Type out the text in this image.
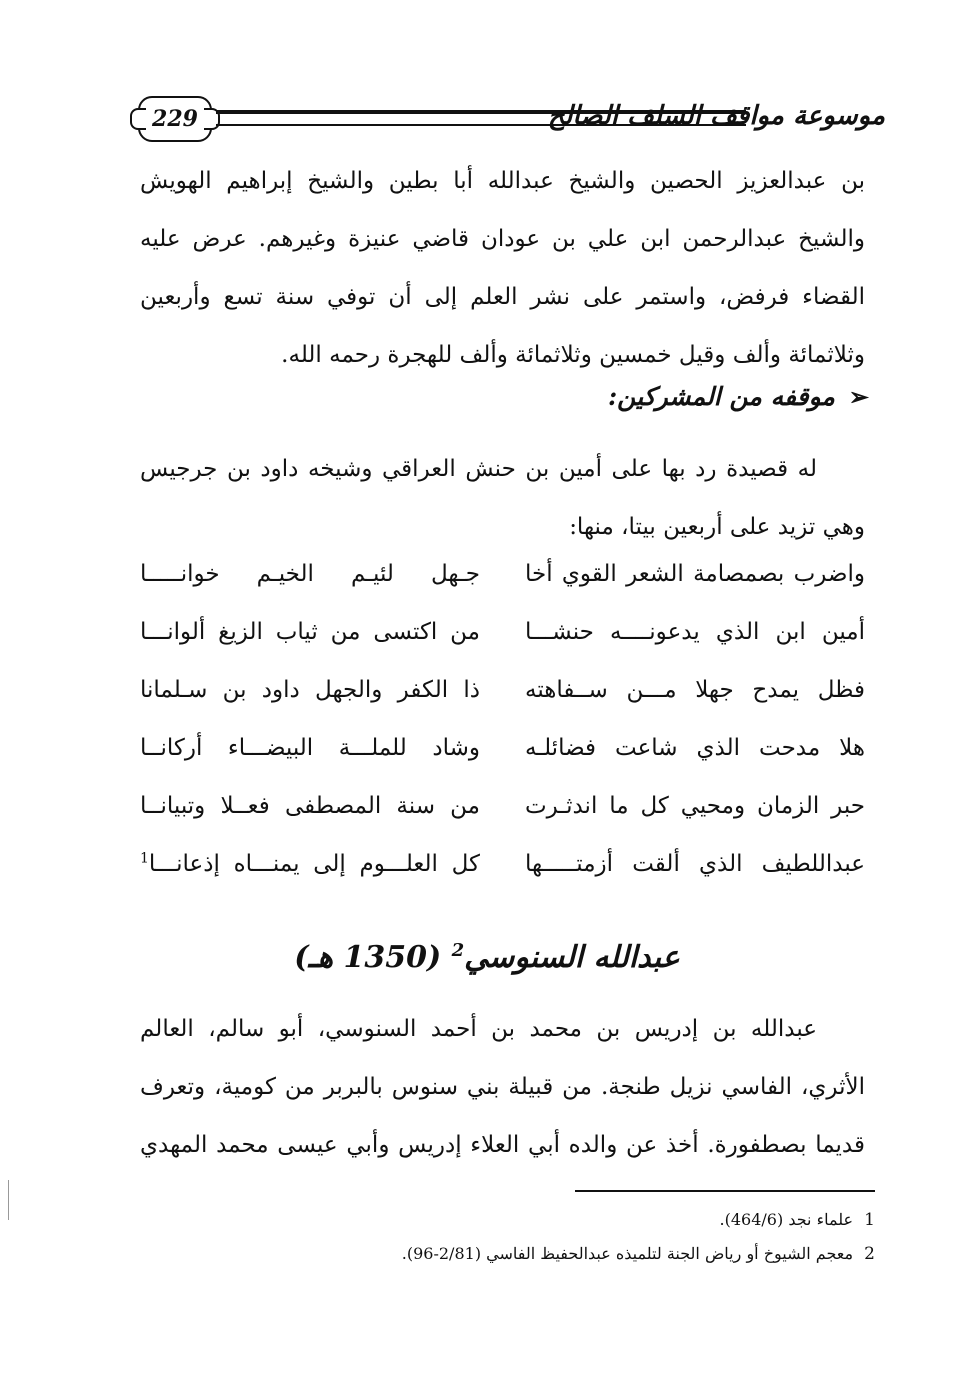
229	موسوعة مواقف السلف الصالح
بن عبدالعزيز الحصين والشيخ عبدالله أبا بطين والشيخ إبراهيم الهويش والشيخ عبدالرحمن ابن علي بن عودان قاضي عنيزة وغيرهم. عرض عليه القضاء فرفض، واستمر على نشر العلم إلى أن توفي سنة تسع وأربعين وثلاثمائة وألف وقيل خمسين وثلاثمائة وألف للهجرة رحمه الله.
➢
موقفه من المشركين:
له قصيدة رد بها على أمين بن حنش العراقي وشيخه داود بن جرجيس وهي تزيد على أربعين بيتا، منها:
واضرب بصمصامة الشعر القوي أخا
جـهل لئيـم الخيـم خوانـــــا
أمين ابن الذي يدعونــــه حنشـــا
من اكتسى من ثياب الزيغ ألوانـــا
فظل يمدح جهلا مـــن ســفاهته
ذا الكفر والجهل داود بن سـلمانا
هلا مدحت الذي شاعت فضائلـه
وشاد للملـــة البيضـــاء أركانــا
حبر الزمان ومحيي كل ما اندثـرت
من سنة المصطفى فعــلا وتبيانــا
عبداللطيف الذي ألقت أزمتـــــها
كل العلـــوم إلى يمنـــاه إذعانـــا$^1$
عبدالله السنوسي$^2$ (1350 هـ)
عبدالله بن إدريس بن محمد بن أحمد السنوسي، أبو سالم، العالم الأثري، الفاسي نزيل طنجة. من قبيلة بني سنوس بالبربر من كومية، وتعرف قديما بصطفورة. أخذ عن والده أبي العلاء إدريس وأبي عيسى محمد المهدي
1 علماء نجد (464/6).
2 معجم الشيوخ أو رياض الجنة لتلميذه عبدالحفيظ الفاسي (2/81-96).
